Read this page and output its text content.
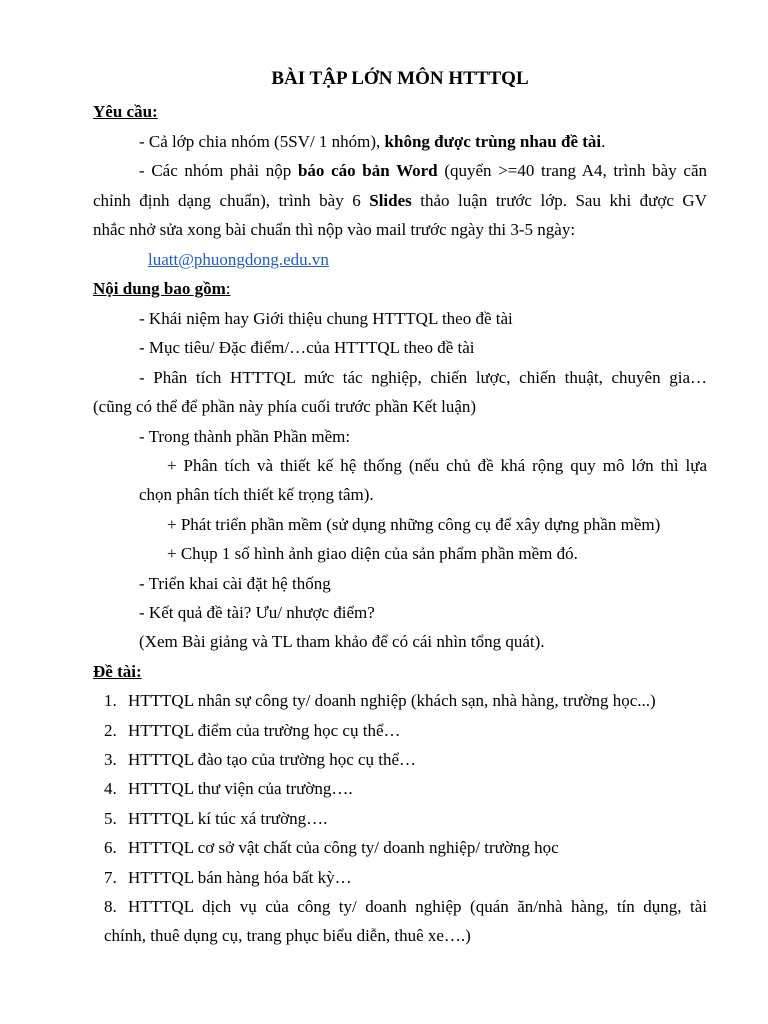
BÀI TẬP LỚN MÔN HTTTQL
Yêu cầu:
- Cả lớp chia nhóm (5SV/ 1 nhóm), không được trùng nhau đề tài.
- Các nhóm phải nộp báo cáo bản Word (quyển >=40 trang A4, trình bày căn
chỉnh định dạng chuẩn), trình bày 6 Slides thảo luận trước lớp. Sau khi được GV
nhắc nhở sửa xong bài chuẩn thì nộp vào mail trước ngày thi 3-5 ngày:
luatt@phuongdong.edu.vn
Nội dung bao gồm:
- Khái niệm hay Giới thiệu chung HTTTQL theo đề tài
- Mục tiêu/ Đặc điểm/…của HTTTQL theo đề tài
- Phân tích HTTTQL mức tác nghiệp, chiến lược, chiến thuật, chuyên gia…
(cũng có thể để phần này phía cuối trước phần Kết luận)
- Trong thành phần Phần mềm:
+ Phân tích và thiết kế hệ thống (nếu chủ đề khá rộng quy mô lớn thì lựa
chọn phân tích thiết kế trọng tâm).
+ Phát triển phần mềm (sử dụng những công cụ để xây dựng phần mềm)
+ Chụp 1 số hình ảnh giao diện của sản phẩm phần mềm đó.
- Triển khai cài đặt hệ thống
- Kết quả đề tài? Ưu/ nhược điểm?
(Xem Bài giảng và TL tham khảo để có cái nhìn tổng quát).
Đề tài:
1. HTTTQL nhân sự công ty/ doanh nghiệp (khách sạn, nhà hàng, trường học...)
2. HTTTQL điểm của trường học cụ thể…
3. HTTTQL đào tạo của trường học cụ thể…
4. HTTTQL thư viện của trường….
5. HTTTQL kí túc xá trường….
6. HTTTQL cơ sở vật chất của công ty/ doanh nghiệp/ trường học
7. HTTTQL bán hàng hóa bất kỳ…
8. HTTTQL dịch vụ của công ty/ doanh nghiệp (quán ăn/nhà hàng, tín dụng, tài
chính, thuê dụng cụ, trang phục biểu diễn, thuê xe….)
